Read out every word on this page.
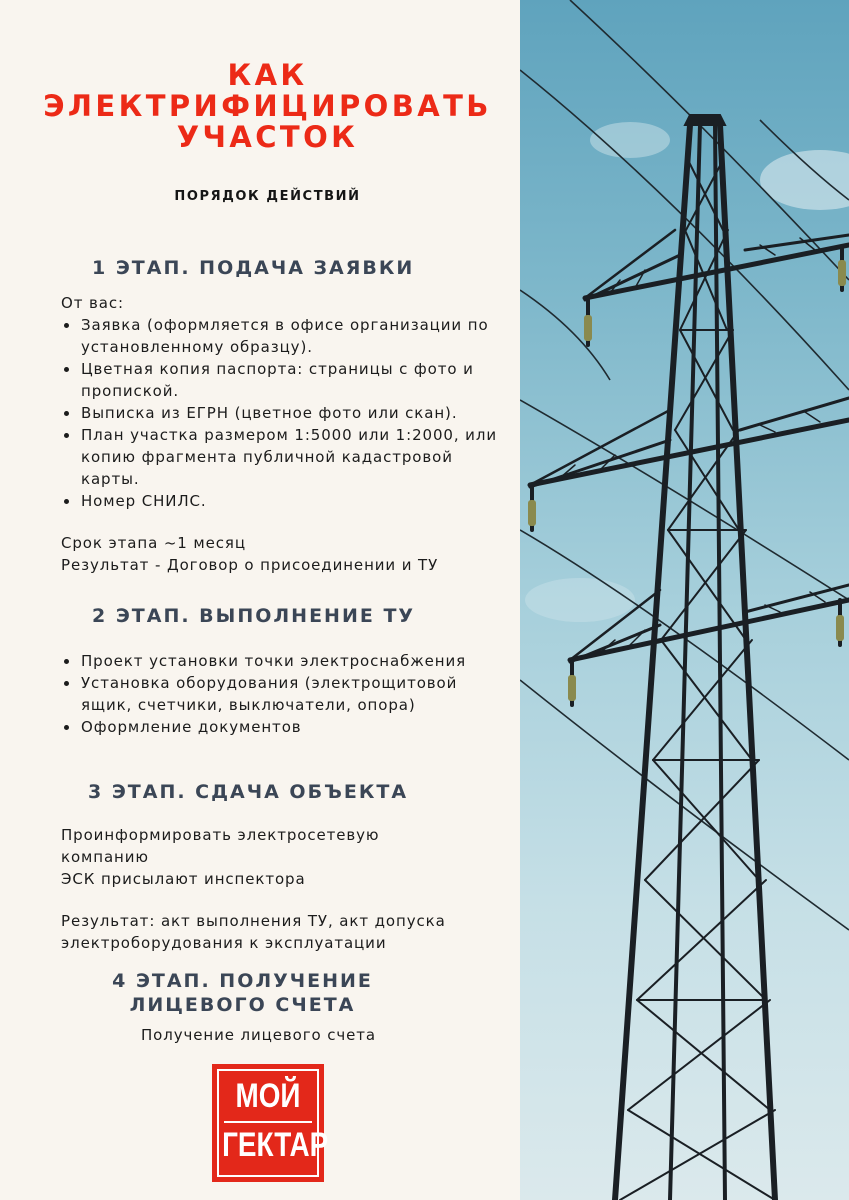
КАК
ЭЛЕКТРИФИЦИРОВАТЬ
УЧАСТОК
ПОРЯДОК ДЕЙСТВИЙ
1 ЭТАП. ПОДАЧА ЗАЯВКИ
От вас:
Заявка (оформляется в офисе организации по установленному образцу).
Цветная копия паспорта: страницы с фото и пропиской.
Выписка из ЕГРН (цветное фото или скан).
План участка размером 1:5000 или 1:2000, или копию фрагмента публичной кадастровой карты.
Номер СНИЛС.

Срок этапа ~1 месяц

Результат - Договор о присоединении и ТУ

2 ЭТАП. ВЫПОЛНЕНИЕ ТУ
Проект установки точки электроснабжения
Установка оборудования (электрощитовой ящик, счетчики, выключатели, опора)
Оформление документов
3 ЭТАП. СДАЧА ОБЪЕКТА

Проинформировать электросетевую компанию

ЭСК присылают инспектора

Результат: акт выполнения ТУ, акт допуска электроборудования к эксплуатации
4 ЭТАП. ПОЛУЧЕНИЕ
ЛИЦЕВОГО СЧЕТА
Получение лицевого счета
МОЙ
ГЕКТАР
